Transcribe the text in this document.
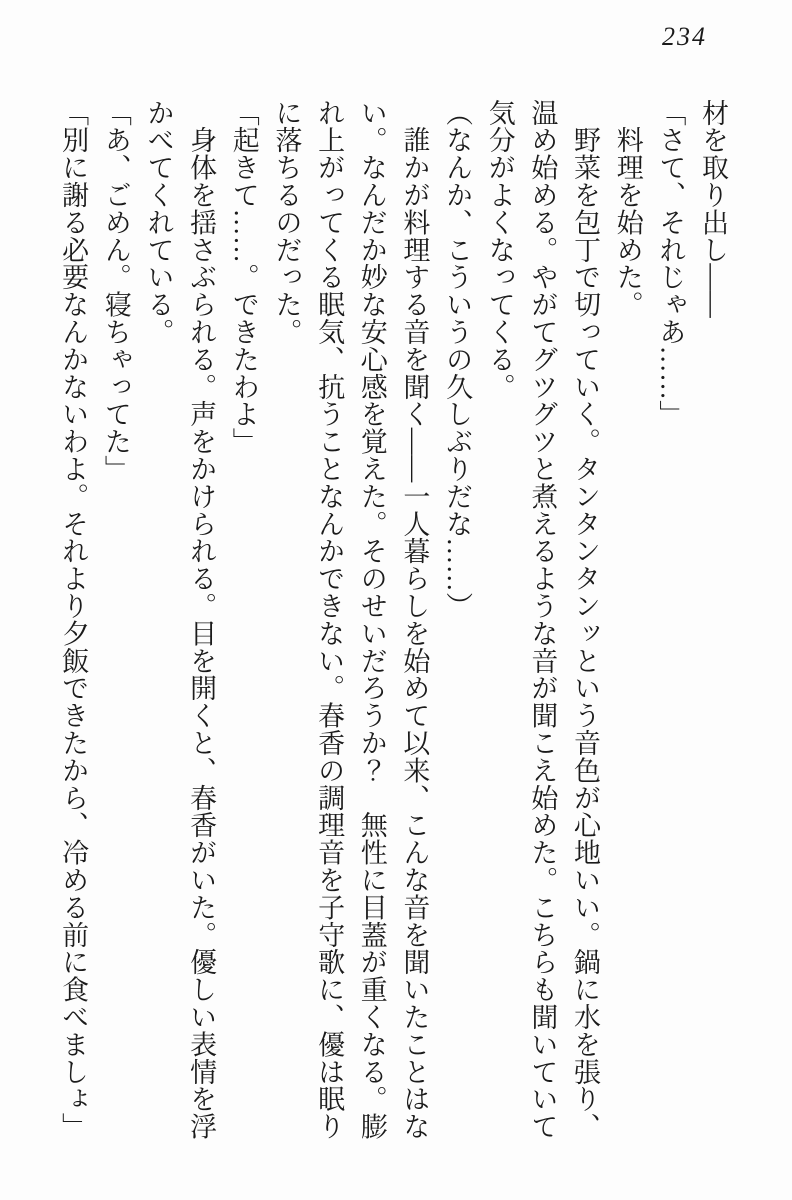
234

材を取り出し――

「さて、それじゃあ……」

　料理を始めた。

　野菜を包丁で切っていく。タンタンタンッという音色が心地いい。鍋に水を張り、

温め始める。やがてグツグツと煮えるような音が聞こえ始めた。こちらも聞いていて

気分がよくなってくる。

（なんか、こういうの久しぶりだな……）

　誰かが料理する音を聞く――一人暮らしを始めて以来、こんな音を聞いたことはな

い。なんだか妙な安心感を覚えた。そのせいだろうか？　無性に目蓋が重くなる。膨

れ上がってくる眠気、抗うことなんかできない。春香の調理音を子守歌に、優は眠り

に落ちるのだった。

「起きて……。できたわよ」

　身体を揺さぶられる。声をかけられる。目を開くと、春香がいた。優しい表情を浮

かべてくれている。

「あ、ごめん。寝ちゃってた」

「別に謝る必要なんかないわよ。それより夕飯できたから、冷める前に食べましょ」
